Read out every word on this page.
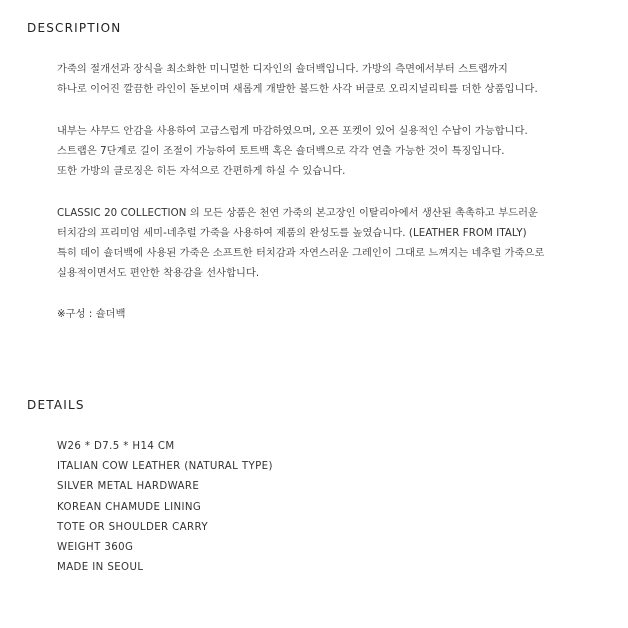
DESCRIPTION

가죽의 절개선과 장식을 최소화한 미니멀한 디자인의 숄더백입니다. 가방의 측면에서부터 스트랩까지

하나로 이어진 깔끔한 라인이 돋보이며 새롭게 개발한 볼드한 사각 버클로 오리지널리티를 더한 상품입니다.

내부는 샤무드 안감을 사용하여 고급스럽게 마감하였으며, 오픈 포켓이 있어 실용적인 수납이 가능합니다.

스트랩은 7단계로 길이 조절이 가능하여 토트백 혹은 숄더백으로 각각 연출 가능한 것이 특징입니다.

또한 가방의 클로징은 히든 자석으로 간편하게 하실 수 있습니다.

CLASSIC 20 COLLECTION 의 모든 상품은 천연 가죽의 본고장인 이탈리아에서 생산된 촉촉하고 부드러운

터치감의 프리미엄 세미-네추럴 가죽을 사용하여 제품의 완성도를 높였습니다. (LEATHER FROM ITALY)

특히 데이 숄더백에 사용된 가죽은 소프트한 터치감과 자연스러운 그레인이 그대로 느껴지는 네추럴 가죽으로

실용적이면서도 편안한 착용감을 선사합니다.

※구성 : 숄더백

DETAILS
W26 * D7.5 * H14 CM
ITALIAN COW LEATHER (NATURAL TYPE)
SILVER METAL HARDWARE
KOREAN CHAMUDE LINING
TOTE OR SHOULDER CARRY
WEIGHT 360G
MADE IN SEOUL
